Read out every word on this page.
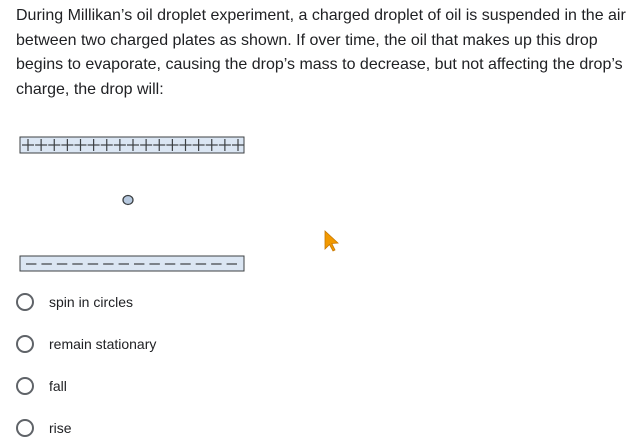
During Millikan’s oil droplet experiment, a charged droplet of oil is suspended in the air between two charged plates as shown. If over time, the oil that makes up this drop begins to evaporate, causing the drop’s mass to decrease, but not affecting the drop’s charge, the drop will:

spin in circles
remain stationary
fall
rise
